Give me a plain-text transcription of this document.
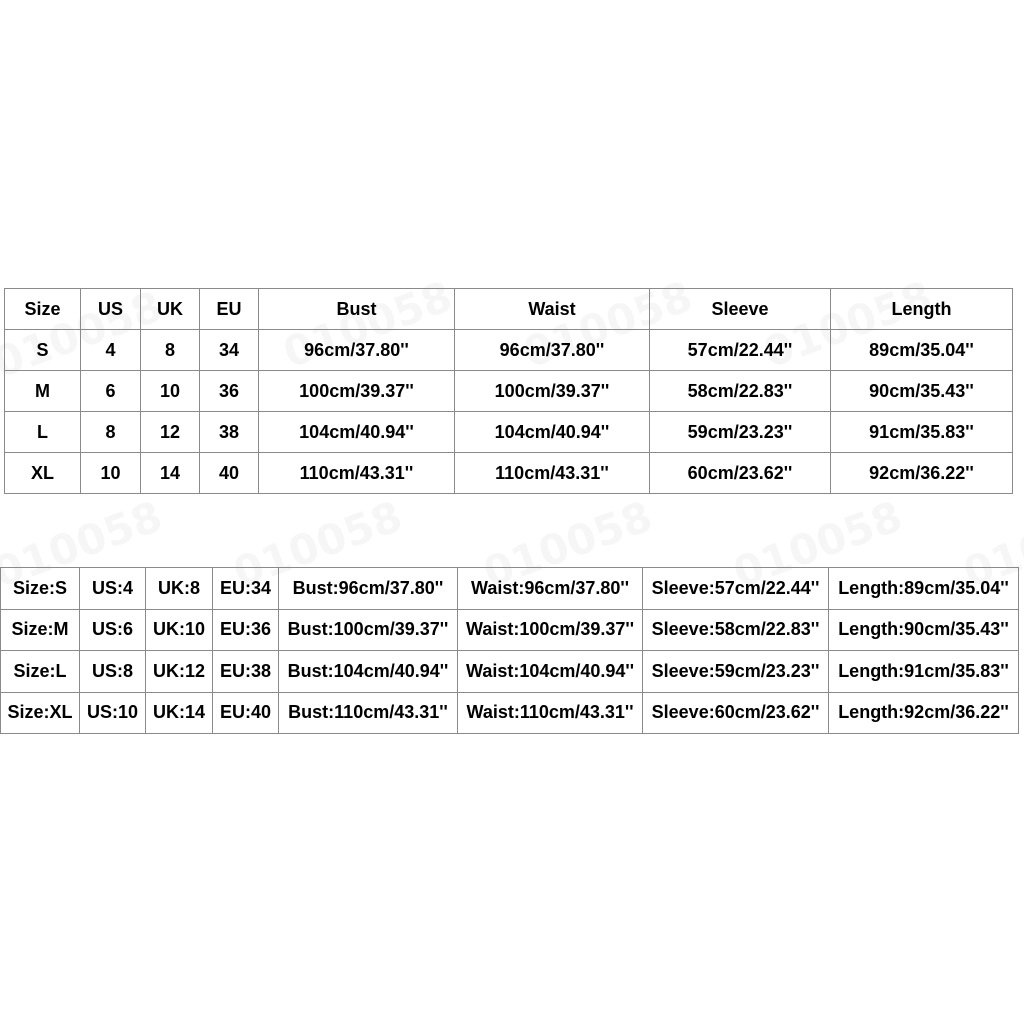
Size	US	UK	EU	Bust	Waist	Sleeve	Length
S	4	8	34	96cm/37.80''	96cm/37.80''	57cm/22.44''	89cm/35.04''
M	6	10	36	100cm/39.37''	100cm/39.37''	58cm/22.83''	90cm/35.43''
L	8	12	38	104cm/40.94''	104cm/40.94''	59cm/23.23''	91cm/35.83''
XL	10	14	40	110cm/43.31''	110cm/43.31''	60cm/23.62''	92cm/36.22''
Size:S	US:4	UK:8	EU:34	Bust:96cm/37.80''	Waist:96cm/37.80''	Sleeve:57cm/22.44''	Length:89cm/35.04''
Size:M	US:6	UK:10	EU:36	Bust:100cm/39.37''	Waist:100cm/39.37''	Sleeve:58cm/22.83''	Length:90cm/35.43''
Size:L	US:8	UK:12	EU:38	Bust:104cm/40.94''	Waist:104cm/40.94''	Sleeve:59cm/23.23''	Length:91cm/35.83''
Size:XL	US:10	UK:14	EU:40	Bust:110cm/43.31''	Waist:110cm/43.31''	Sleeve:60cm/23.62''	Length:92cm/36.22''
